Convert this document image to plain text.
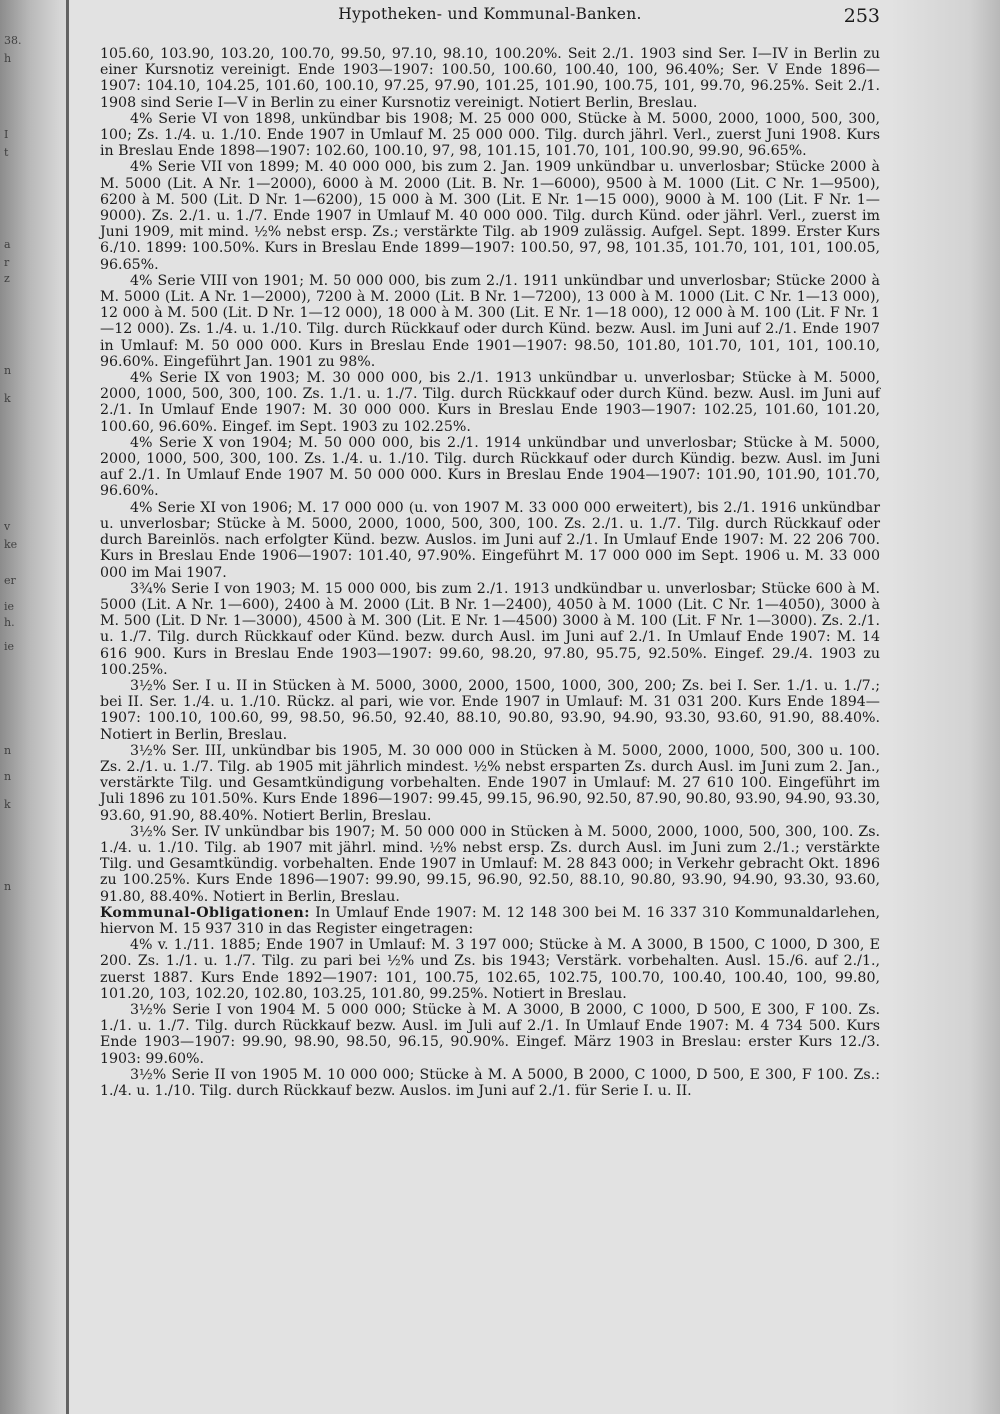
38.
h
I
t
a
r
z
n
k
v
ke
er
ie
h.
ie
n
n
k
n
Hypotheken- und Kommunal-Banken.	253

105.60, 103.90, 103.20, 100.70, 99.50, 97.10, 98.10, 100.20%. Seit 2./1. 1903 sind Ser. I—IV in Berlin zu einer Kursnotiz vereinigt. Ende 1903—1907: 100.50, 100.60, 100.40, 100, 96.40%; Ser. V Ende 1896—1907: 104.10, 104.25, 101.60, 100.10, 97.25, 97.90, 101.25, 101.90, 100.75, 101, 99.70, 96.25%. Seit 2./1. 1908 sind Serie I—V in Berlin zu einer Kursnotiz vereinigt. Notiert Berlin, Breslau.

4% Serie VI von 1898, unkündbar bis 1908; M. 25 000 000, Stücke à M. 5000, 2000, 1000, 500, 300, 100; Zs. 1./4. u. 1./10. Ende 1907 in Umlauf M. 25 000 000. Tilg. durch jährl. Verl., zuerst Juni 1908. Kurs in Breslau Ende 1898—1907: 102.60, 100.10, 97, 98, 101.15, 101.70, 101, 100.90, 99.90, 96.65%.

4% Serie VII von 1899; M. 40 000 000, bis zum 2. Jan. 1909 unkündbar u. unverlosbar; Stücke 2000 à M. 5000 (Lit. A Nr. 1—2000), 6000 à M. 2000 (Lit. B. Nr. 1—6000), 9500 à M. 1000 (Lit. C Nr. 1—9500), 6200 à M. 500 (Lit. D Nr. 1—6200), 15 000 à M. 300 (Lit. E Nr. 1—15 000), 9000 à M. 100 (Lit. F Nr. 1—9000). Zs. 2./1. u. 1./7. Ende 1907 in Umlauf M. 40 000 000. Tilg. durch Künd. oder jährl. Verl., zuerst im Juni 1909, mit mind. ½% nebst ersp. Zs.; verstärkte Tilg. ab 1909 zulässig. Aufgel. Sept. 1899. Erster Kurs 6./10. 1899: 100.50%. Kurs in Breslau Ende 1899—1907: 100.50, 97, 98, 101.35, 101.70, 101, 101, 100.05, 96.65%.

4% Serie VIII von 1901; M. 50 000 000, bis zum 2./1. 1911 unkündbar und unverlosbar; Stücke 2000 à M. 5000 (Lit. A Nr. 1—2000), 7200 à M. 2000 (Lit. B Nr. 1—7200), 13 000 à M. 1000 (Lit. C Nr. 1—13 000), 12 000 à M. 500 (Lit. D Nr. 1—12 000), 18 000 à M. 300 (Lit. E Nr. 1—18 000), 12 000 à M. 100 (Lit. F Nr. 1—12 000). Zs. 1./4. u. 1./10. Tilg. durch Rückkauf oder durch Künd. bezw. Ausl. im Juni auf 2./1. Ende 1907 in Umlauf: M. 50 000 000. Kurs in Breslau Ende 1901—1907: 98.50, 101.80, 101.70, 101, 101, 100.10, 96.60%. Eingeführt Jan. 1901 zu 98%.

4% Serie IX von 1903; M. 30 000 000, bis 2./1. 1913 unkündbar u. unverlosbar; Stücke à M. 5000, 2000, 1000, 500, 300, 100. Zs. 1./1. u. 1./7. Tilg. durch Rückkauf oder durch Künd. bezw. Ausl. im Juni auf 2./1. In Umlauf Ende 1907: M. 30 000 000. Kurs in Breslau Ende 1903—1907: 102.25, 101.60, 101.20, 100.60, 96.60%. Eingef. im Sept. 1903 zu 102.25%.

4% Serie X von 1904; M. 50 000 000, bis 2./1. 1914 unkündbar und unverlosbar; Stücke à M. 5000, 2000, 1000, 500, 300, 100. Zs. 1./4. u. 1./10. Tilg. durch Rückkauf oder durch Kündig. bezw. Ausl. im Juni auf 2./1. In Umlauf Ende 1907 M. 50 000 000. Kurs in Breslau Ende 1904—1907: 101.90, 101.90, 101.70, 96.60%.

4% Serie XI von 1906; M. 17 000 000 (u. von 1907 M. 33 000 000 erweitert), bis 2./1. 1916 unkündbar u. unverlosbar; Stücke à M. 5000, 2000, 1000, 500, 300, 100. Zs. 2./1. u. 1./7. Tilg. durch Rückkauf oder durch Bareinlös. nach erfolgter Künd. bezw. Auslos. im Juni auf 2./1. In Umlauf Ende 1907: M. 22 206 700. Kurs in Breslau Ende 1906—1907: 101.40, 97.90%. Eingeführt M. 17 000 000 im Sept. 1906 u. M. 33 000 000 im Mai 1907.

3¾% Serie I von 1903; M. 15 000 000, bis zum 2./1. 1913 undkündbar u. unverlosbar; Stücke 600 à M. 5000 (Lit. A Nr. 1—600), 2400 à M. 2000 (Lit. B Nr. 1—2400), 4050 à M. 1000 (Lit. C Nr. 1—4050), 3000 à M. 500 (Lit. D Nr. 1—3000), 4500 à M. 300 (Lit. E Nr. 1—4500) 3000 à M. 100 (Lit. F Nr. 1—3000). Zs. 2./1. u. 1./7. Tilg. durch Rückkauf oder Künd. bezw. durch Ausl. im Juni auf 2./1. In Umlauf Ende 1907: M. 14 616 900. Kurs in Breslau Ende 1903—1907: 99.60, 98.20, 97.80, 95.75, 92.50%. Eingef. 29./4. 1903 zu 100.25%.

3½% Ser. I u. II in Stücken à M. 5000, 3000, 2000, 1500, 1000, 300, 200; Zs. bei I. Ser. 1./1. u. 1./7.; bei II. Ser. 1./4. u. 1./10. Rückz. al pari, wie vor. Ende 1907 in Umlauf: M. 31 031 200. Kurs Ende 1894—1907: 100.10, 100.60, 99, 98.50, 96.50, 92.40, 88.10, 90.80, 93.90, 94.90, 93.30, 93.60, 91.90, 88.40%. Notiert in Berlin, Breslau.

3½% Ser. III, unkündbar bis 1905, M. 30 000 000 in Stücken à M. 5000, 2000, 1000, 500, 300 u. 100. Zs. 2./1. u. 1./7. Tilg. ab 1905 mit jährlich mindest. ½% nebst ersparten Zs. durch Ausl. im Juni zum 2. Jan., verstärkte Tilg. und Gesamtkündigung vorbehalten. Ende 1907 in Umlauf: M. 27 610 100. Eingeführt im Juli 1896 zu 101.50%. Kurs Ende 1896—1907: 99.45, 99.15, 96.90, 92.50, 87.90, 90.80, 93.90, 94.90, 93.30, 93.60, 91.90, 88.40%. Notiert Berlin, Breslau.

3½% Ser. IV unkündbar bis 1907; M. 50 000 000 in Stücken à M. 5000, 2000, 1000, 500, 300, 100. Zs. 1./4. u. 1./10. Tilg. ab 1907 mit jährl. mind. ½% nebst ersp. Zs. durch Ausl. im Juni zum 2./1.; verstärkte Tilg. und Gesamtkündig. vorbehalten. Ende 1907 in Umlauf: M. 28 843 000; in Verkehr gebracht Okt. 1896 zu 100.25%. Kurs Ende 1896—1907: 99.90, 99.15, 96.90, 92.50, 88.10, 90.80, 93.90, 94.90, 93.30, 93.60, 91.80, 88.40%. Notiert in Berlin, Breslau.

Kommunal-Obligationen: In Umlauf Ende 1907: M. 12 148 300 bei M. 16 337 310 Kommunaldarlehen, hiervon M. 15 937 310 in das Register eingetragen:

4% v. 1./11. 1885; Ende 1907 in Umlauf: M. 3 197 000; Stücke à M. A 3000, B 1500, C 1000, D 300, E 200. Zs. 1./1. u. 1./7. Tilg. zu pari bei ½% und Zs. bis 1943; Verstärk. vorbehalten. Ausl. 15./6. auf 2./1., zuerst 1887. Kurs Ende 1892—1907: 101, 100.75, 102.65, 102.75, 100.70, 100.40, 100.40, 100, 99.80, 101.20, 103, 102.20, 102.80, 103.25, 101.80, 99.25%. Notiert in Breslau.

3½% Serie I von 1904 M. 5 000 000; Stücke à M. A 3000, B 2000, C 1000, D 500, E 300, F 100. Zs. 1./1. u. 1./7. Tilg. durch Rückkauf bezw. Ausl. im Juli auf 2./1. In Umlauf Ende 1907: M. 4 734 500. Kurs Ende 1903—1907: 99.90, 98.90, 98.50, 96.15, 90.90%. Eingef. März 1903 in Breslau: erster Kurs 12./3. 1903: 99.60%.

3½% Serie II von 1905 M. 10 000 000; Stücke à M. A 5000, B 2000, C 1000, D 500, E 300, F 100. Zs.: 1./4. u. 1./10. Tilg. durch Rückkauf bezw. Auslos. im Juni auf 2./1. für Serie I. u. II.
